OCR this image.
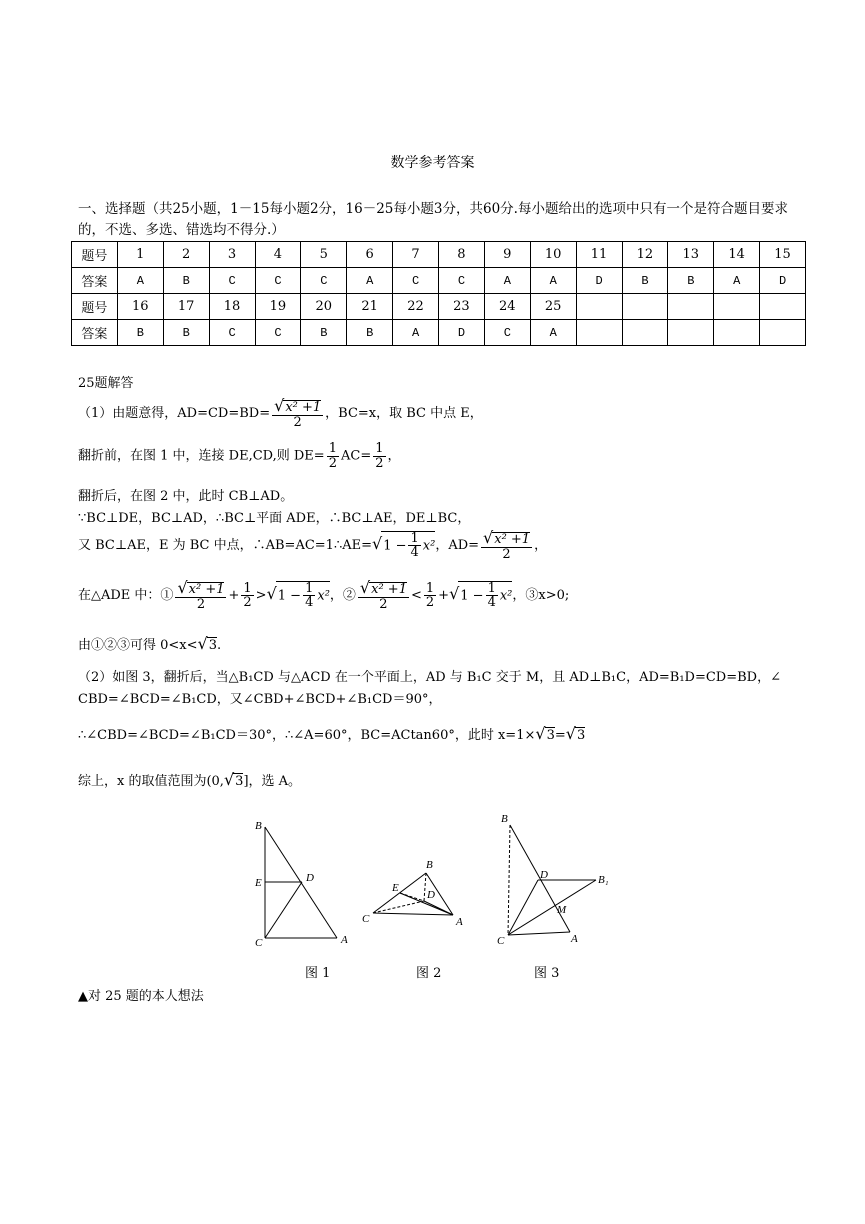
数学参考答案
一、选择题（共25小题，1－15每小题2分，16－25每小题3分，共60分.每小题给出的选项中只有一个是符合题目要求的，不选、多选、错选均不得分.）
题号	1	2	3	4	5	6	7	8	9	10	11	12	13	14	15
答案	A	B	C	C	C	A	C	C	A	A	D	B	B	A	D
题号	16	17	18	19	20	21	22	23	24	25					
答案	B	B	C	C	B	B	A	D	C	A					
25题解答
（1）由题意得，$AD=CD=BD= \frac{\text{√x² +1}}{2}$ ，BC=x，取 BC 中点 E，
翻折前，在图 1 中，连接 DE,CD,则 $DE= \frac{1}{2} AC= \frac{1}{2}$ ，
翻折后，在图 2 中，此时 CB⊥AD。
∵BC⊥DE，BC⊥AD，∴BC⊥平面 ADE，∴BC⊥AE，DE⊥BC，
又 BC⊥AE，E 为 BC 中点，∴AB=AC=1∴AE=√1 − $\frac{1}{4} x^2$，$AD= \frac{\text{√x² +1}}{2}$ ，
在△ADE 中：① $\frac{\text{√x² +1}}{2} + \frac{1}{2} >√1 - \frac{1}{4} x^2$，② $\frac{\text{√x² +1}}{2} < \frac{1}{2} +√1 - \frac{1}{4} x^2$，③x>0;
由①②③可得 0<x<√3.
（2）如图 3，翻折后，当△B₁CD 与△ACD 在一个平面上，AD 与 B₁C 交于 M，且 AD⊥B₁C，AD=B₁D=CD=BD，∠
CBD=∠BCD=∠B₁CD，又∠CBD+∠BCD+∠B₁CD＝90°，
∴∠CBD=∠BCD=∠B₁CD＝30°，∴∠A=60°，BC=ACtan60°，此时 x=1×√3=√3
综上，x 的取值范围为(0,√3]，选 A。
B
E	D
C	A
B
E
D
C	A
B
D	B₁
M
C	A
图 1	图 2	图 3
▲对 25 题的本人想法
